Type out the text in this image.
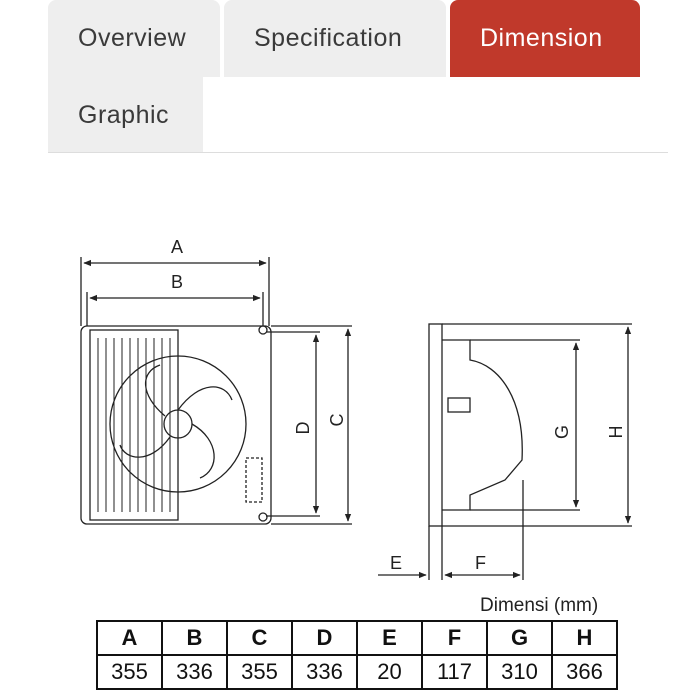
Overview	Specification	Dimension
Graphic
A
B
D
C
G H
E	F
Dimensi (mm)
A	B	C	D	E	F	G	H
355	336	355	336	20	117	310	366
